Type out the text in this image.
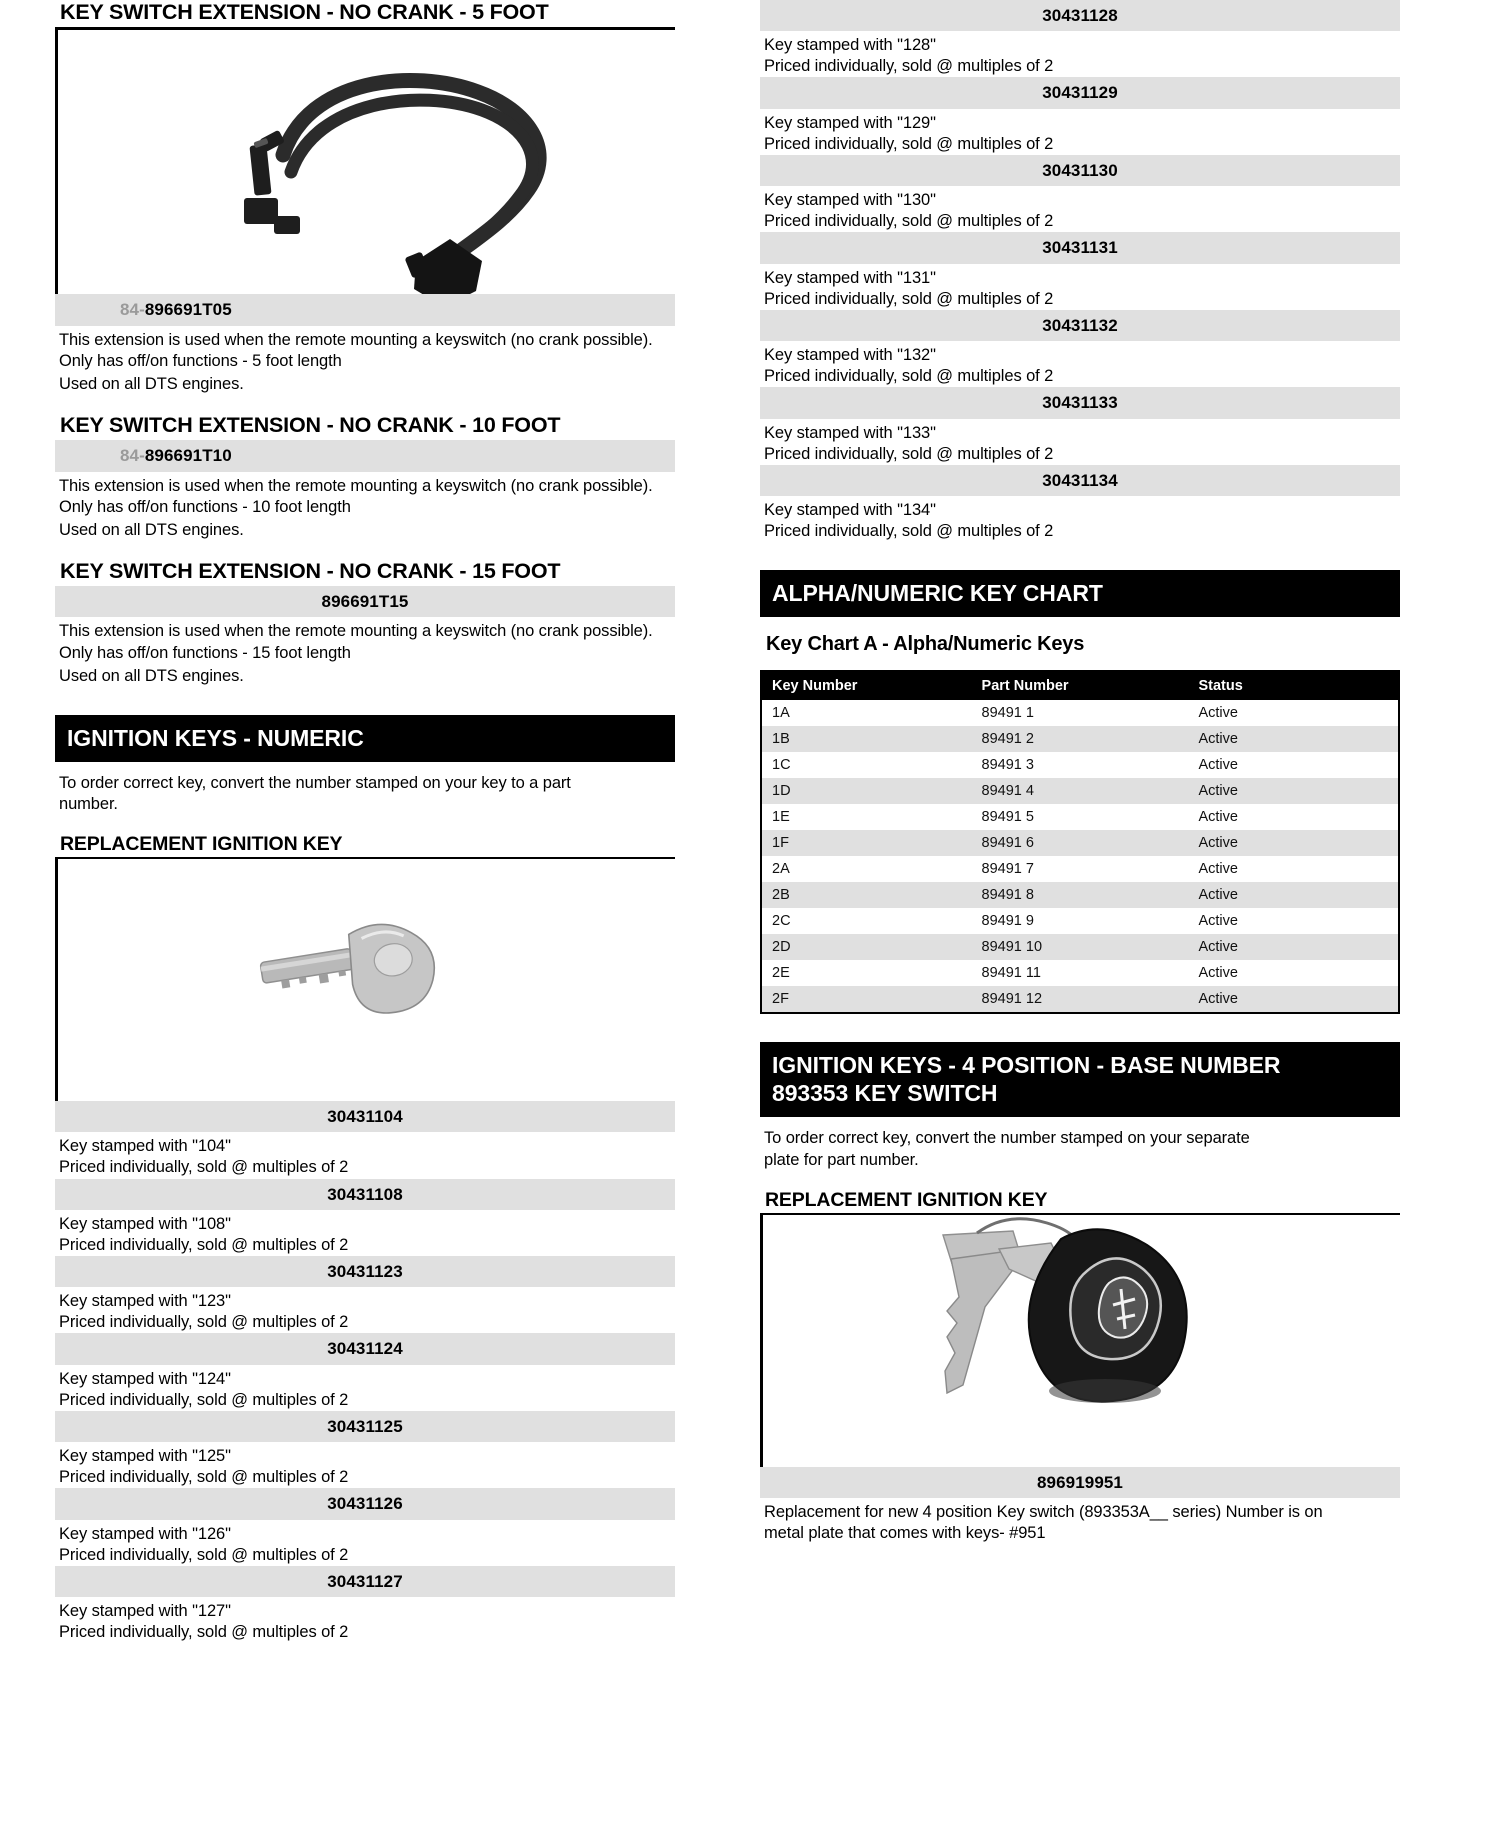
KEY SWITCH EXTENSION - NO CRANK - 5 FOOT
84-896691T05

This extension is used when the remote mounting a keyswitch (no crank possible).

Only has off/on functions - 5 foot length

Used on all DTS engines.

KEY SWITCH EXTENSION - NO CRANK - 10 FOOT
84-896691T10

This extension is used when the remote mounting a keyswitch (no crank possible).

Only has off/on functions - 10 foot length

Used on all DTS engines.

KEY SWITCH EXTENSION - NO CRANK - 15 FOOT
896691T15

This extension is used when the remote mounting a keyswitch (no crank possible).

Only has off/on functions - 15 foot length

Used on all DTS engines.

IGNITION KEYS - NUMERIC

To order correct key, convert the number stamped on your key to a part

number.

REPLACEMENT IGNITION KEY
30431104

Key stamped with "104"

Priced individually, sold @ multiples of 2

30431108

Key stamped with "108"

Priced individually, sold @ multiples of 2

30431123

Key stamped with "123"

Priced individually, sold @ multiples of 2

30431124

Key stamped with "124"

Priced individually, sold @ multiples of 2

30431125

Key stamped with "125"

Priced individually, sold @ multiples of 2

30431126

Key stamped with "126"

Priced individually, sold @ multiples of 2

30431127

Key stamped with "127"

Priced individually, sold @ multiples of 2

30431128

Key stamped with "128"

Priced individually, sold @ multiples of 2

30431129

Key stamped with "129"

Priced individually, sold @ multiples of 2

30431130

Key stamped with "130"

Priced individually, sold @ multiples of 2

30431131

Key stamped with "131"

Priced individually, sold @ multiples of 2

30431132

Key stamped with "132"

Priced individually, sold @ multiples of 2

30431133

Key stamped with "133"

Priced individually, sold @ multiples of 2

30431134

Key stamped with "134"

Priced individually, sold @ multiples of 2

ALPHA/NUMERIC KEY CHART
Key Chart A - Alpha/Numeric Keys
Key Number	Part Number	Status
1A	89491 1	Active
1B	89491 2	Active
1C	89491 3	Active
1D	89491 4	Active
1E	89491 5	Active
1F	89491 6	Active
2A	89491 7	Active
2B	89491 8	Active
2C	89491 9	Active
2D	89491 10	Active
2E	89491 11	Active
2F	89491 12	Active
IGNITION KEYS - 4 POSITION - BASE NUMBER
893353 KEY SWITCH

To order correct key, convert the number stamped on your separate

plate for part number.

REPLACEMENT IGNITION KEY
896919951

Replacement for new 4 position Key switch (893353A__ series) Number is on

metal plate that comes with keys- #951
